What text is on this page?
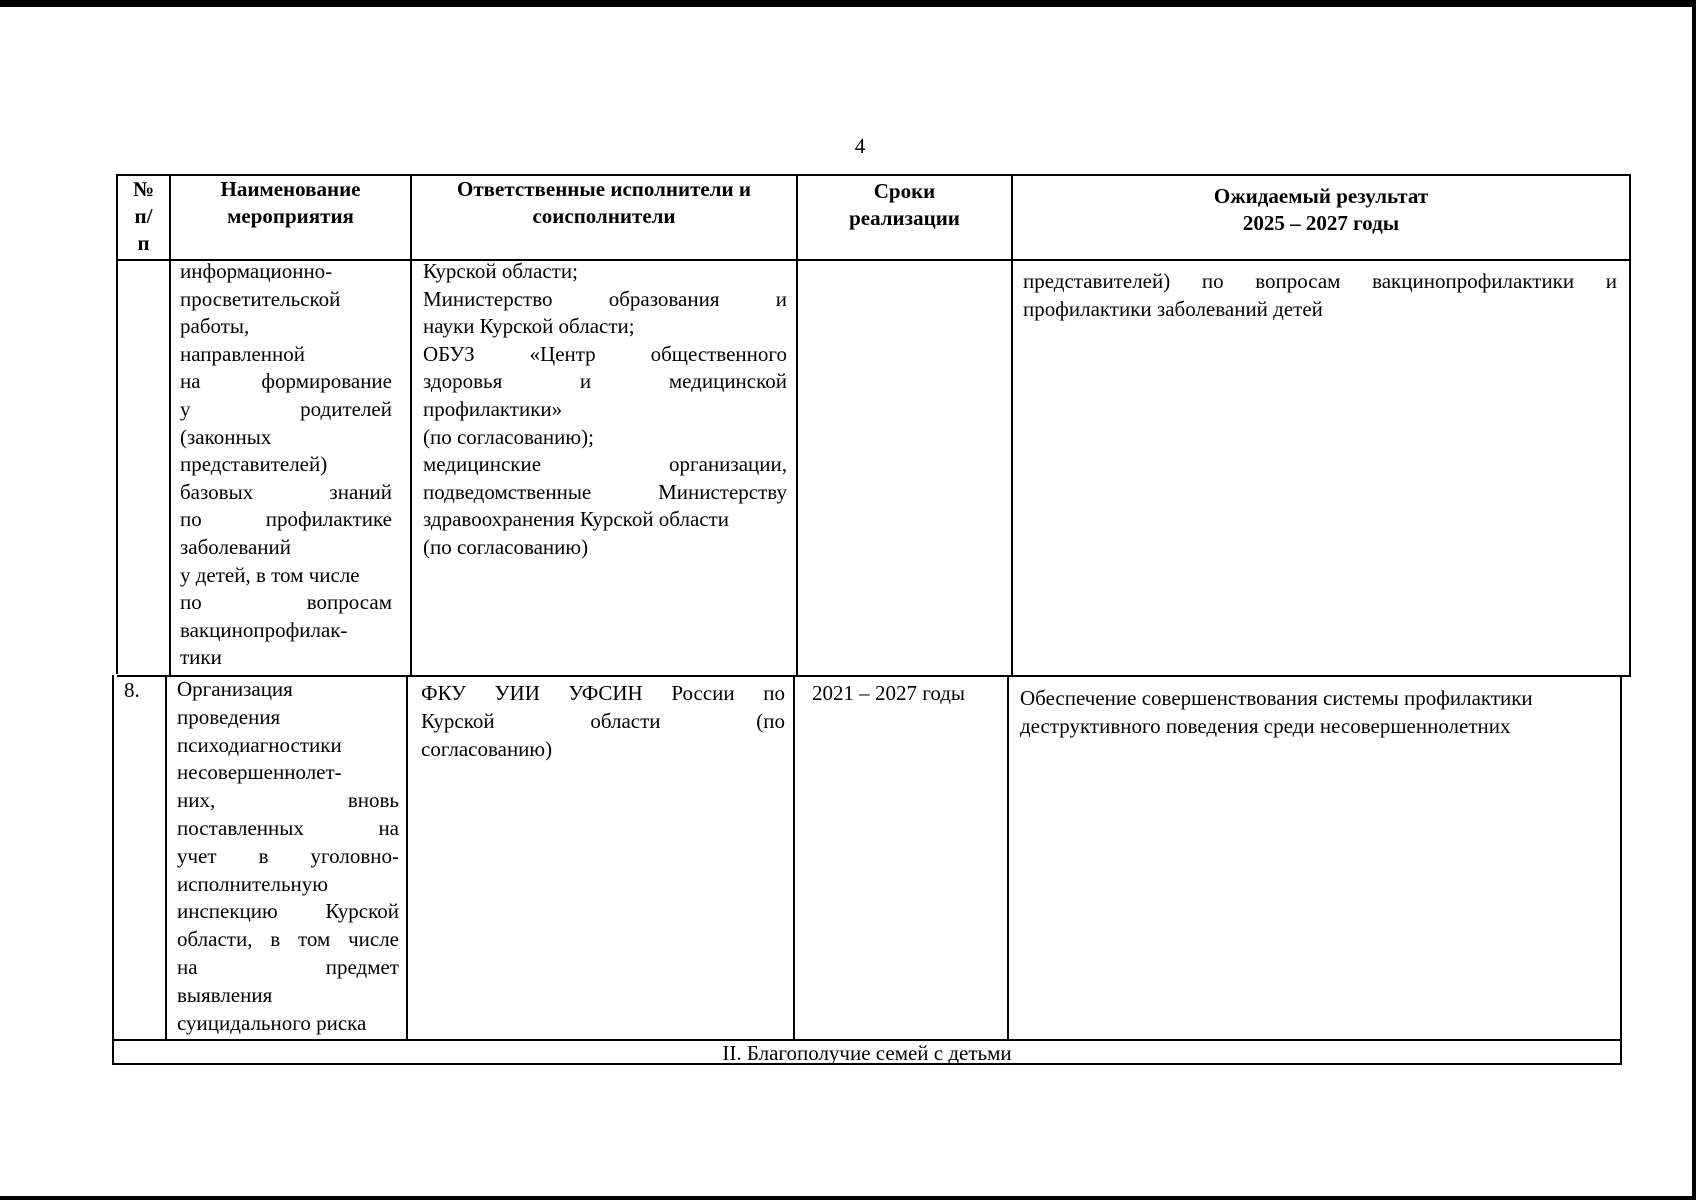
4
№
п/
п
Наименование
мероприятия
Ответственные исполнители и
соисполнители
Сроки
реализации
Ожидаемый результат
2025 – 2027 годы
информационно-
просветительской
работы,
направленной
на формирование
у родителей
(законных
представителей)
базовых знаний
по профилактике
заболеваний
у детей, в том числе
по вопросам
вакцинопрофилак-
тики
Курской области;
Министерство образования и
науки Курской области;
ОБУЗ «Центр общественного
здоровья и медицинской
профилактики»
(по согласованию);
медицинские организации,
подведомственные Министерству
здравоохранения Курской области
(по согласованию)
представителей) по вопросам вакцинопрофилактики и
профилактики заболеваний детей
8.	Организация
проведения
психодиагностики
несовершеннолет-
них, вновь
поставленных на
учет в уголовно-
исполнительную
инспекцию Курской
области, в том числе
на предмет
выявления
суицидального риска
ФКУ УИИ УФСИН России по
Курской области (по
согласованию)
2021 – 2027 годы	Обеспечение совершенствования системы профилактики
деструктивного поведения среди несовершеннолетних
II. Благополучие семей с детьми
